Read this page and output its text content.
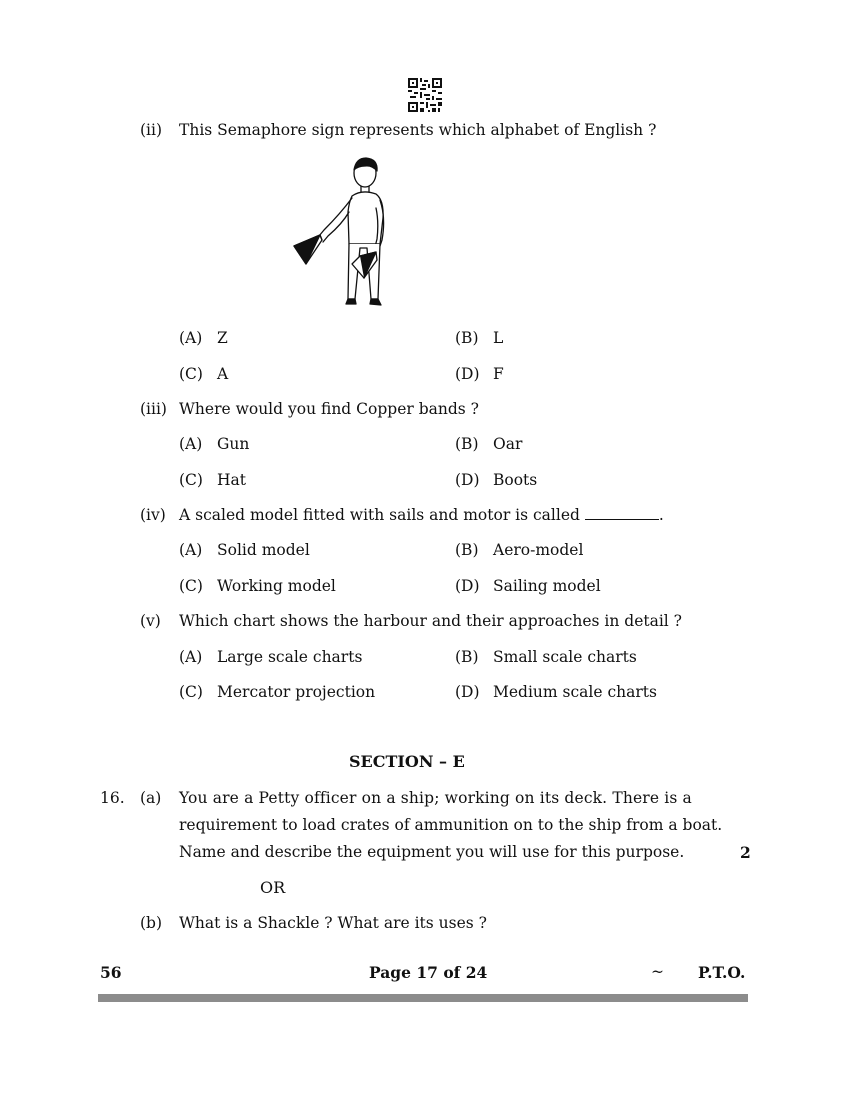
(ii) This Semaphore sign represents which alphabet of English ?
(A) Z	(B) L
(C) A	(D) F
(iii) Where would you find Copper bands ?
(A) Gun	(B) Oar
(C) Hat	(D) Boots
(iv) A scaled model fitted with sails and motor is called	.
(A) Solid model	(B) Aero-model
(C) Working model	(D) Sailing model
(v) Which chart shows the harbour and their approaches in detail ?
(A) Large scale charts	(B) Small scale charts
(C) Mercator projection	(D) Medium scale charts
SECTION – E
16. (a) You are a Petty officer on a ship; working on its deck. There is a
requirement to load crates of ammunition on to the ship from a boat.
Name and describe the equipment you will use for this purpose.	2
OR
(b) What is a Shackle ? What are its uses ?
56	Page 17 of 24	~ P.T.O.
